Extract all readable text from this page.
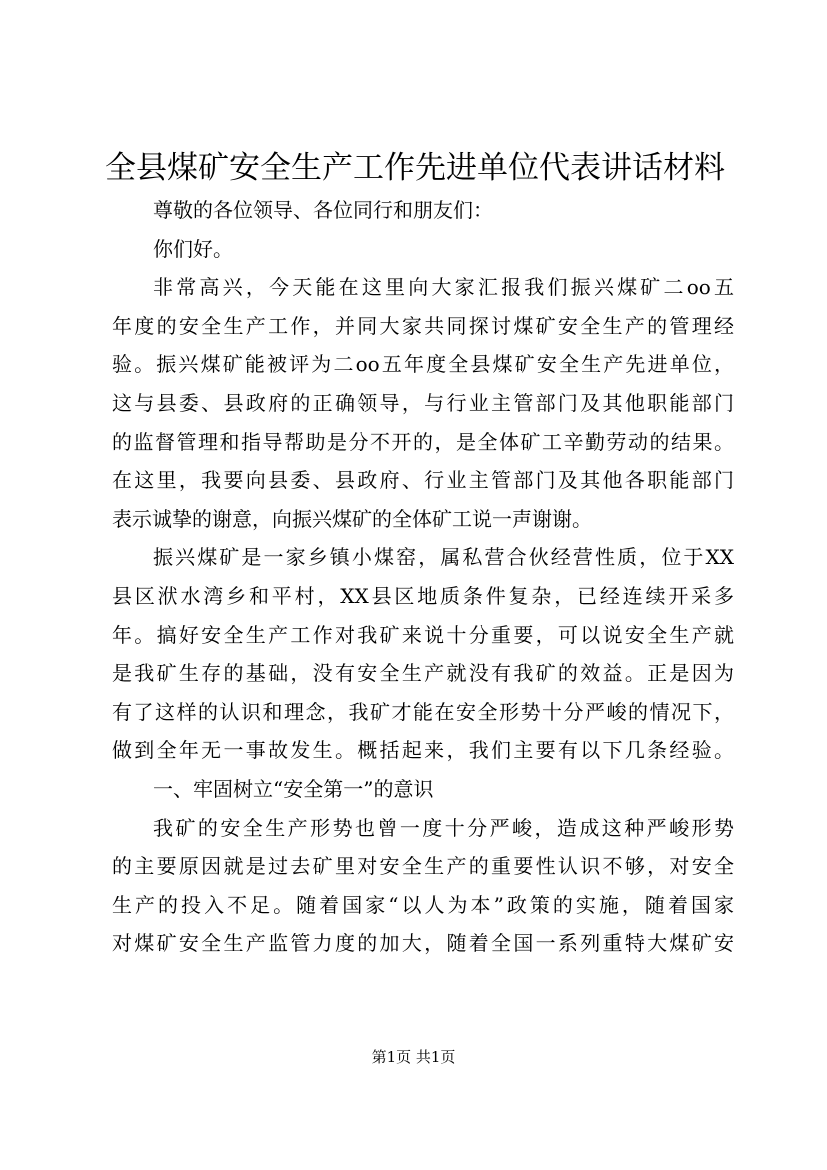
全县煤矿安全生产工作先进单位代表讲话材料
尊敬的各位领导、各位同行和朋友们：
你们好。
非常高兴，今天能在这里向大家汇报我们振兴煤矿二oo五
年度的安全生产工作，并同大家共同探讨煤矿安全生产的管理经
验。振兴煤矿能被评为二oo五年度全县煤矿安全生产先进单位，
这与县委、县政府的正确领导，与行业主管部门及其他职能部门
的监督管理和指导帮助是分不开的，是全体矿工辛勤劳动的结果。
在这里，我要向县委、县政府、行业主管部门及其他各职能部门
表示诚挚的谢意，向振兴煤矿的全体矿工说一声谢谢。
振兴煤矿是一家乡镇小煤窑，属私营合伙经营性质，位于XX
县区洑水湾乡和平村，XX县区地质条件复杂，已经连续开采多
年。搞好安全生产工作对我矿来说十分重要，可以说安全生产就
是我矿生存的基础，没有安全生产就没有我矿的效益。正是因为
有了这样的认识和理念，我矿才能在安全形势十分严峻的情况下，
做到全年无一事故发生。概括起来，我们主要有以下几条经验。
一、牢固树立“安全第一”的意识
我矿的安全生产形势也曾一度十分严峻，造成这种严峻形势
的主要原因就是过去矿里对安全生产的重要性认识不够，对安全
生产的投入不足。随着国家“以人为本”政策的实施，随着国家
对煤矿安全生产监管力度的加大，随着全国一系列重特大煤矿安
第1页 共1页
